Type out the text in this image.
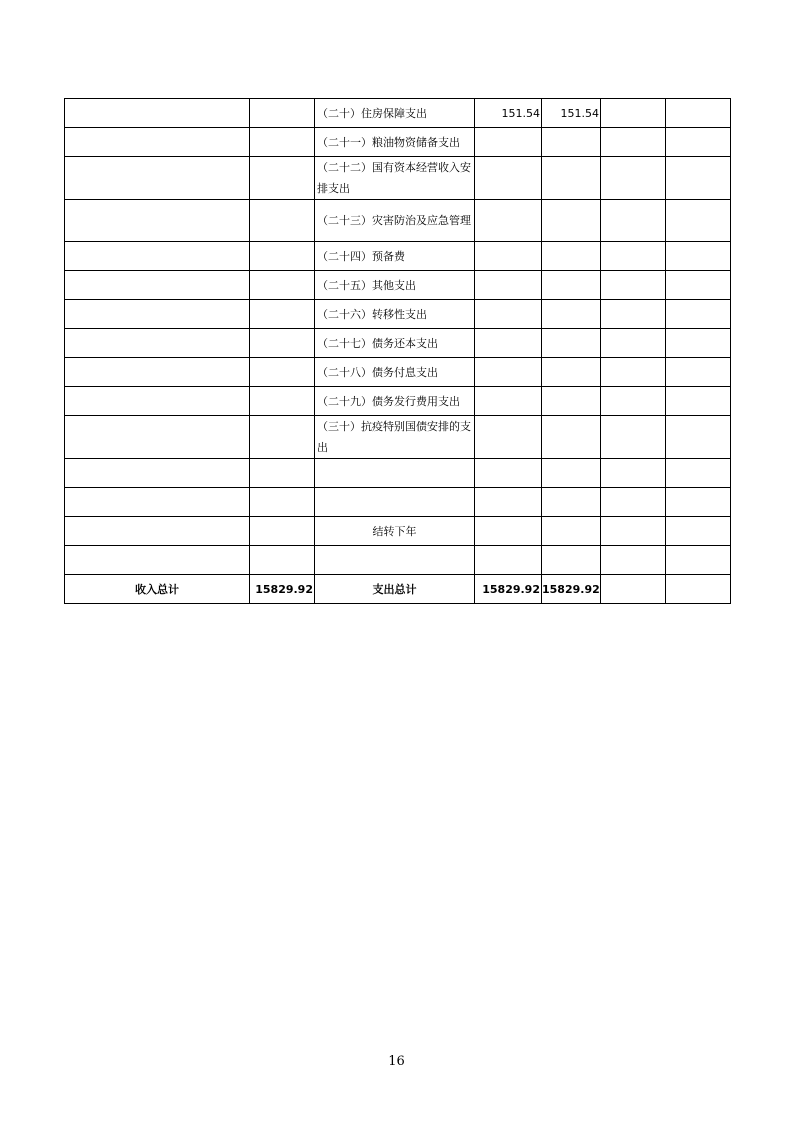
		（二十）住房保障支出	151.54	151.54		
		（二十一）粮油物资储备支出				
		（二十二）国有资本经营收入安排支出				
		（二十三）灾害防治及应急管理				
		（二十四）预备费				
		（二十五）其他支出				
		（二十六）转移性支出				
		（二十七）债务还本支出				
		（二十八）债务付息支出				
		（二十九）债务发行费用支出				
		（三十）抗疫特别国债安排的支出				

		结转下年				

收入总计	15829.92	支出总计	15829.92	15829.92		
16
